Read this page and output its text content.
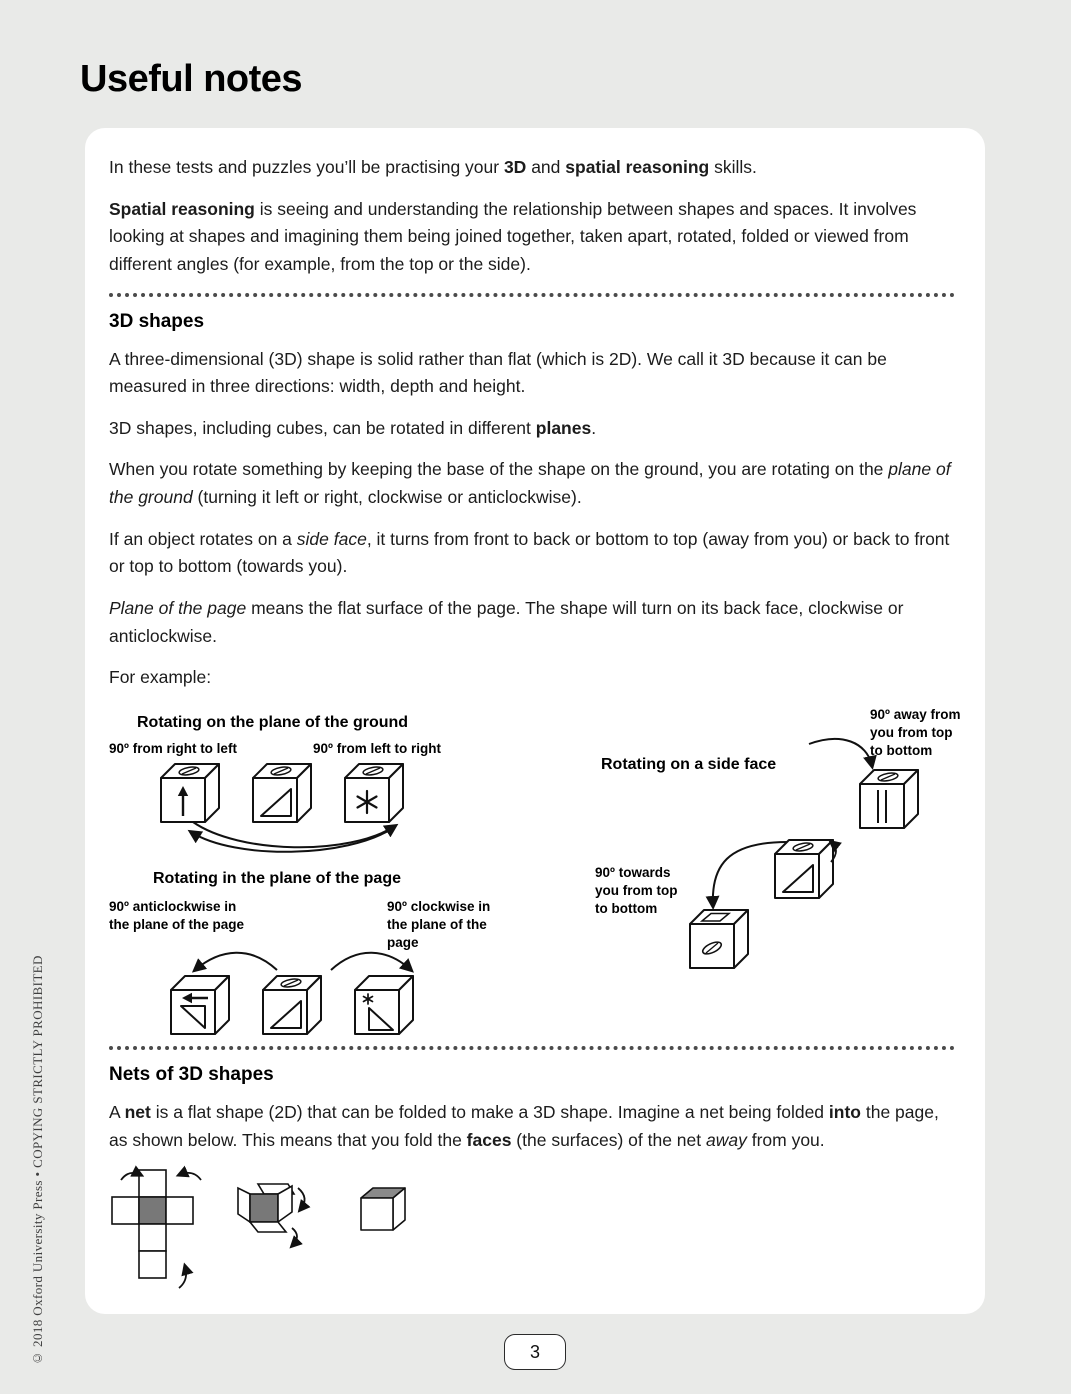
© 2018 Oxford University Press • COPYING STRICTLY PROHIBITED
Useful notes

In these tests and puzzles you’ll be practising your 3D and spatial reasoning skills.

Spatial reasoning is seeing and understanding the relationship between shapes and spaces. It involves looking at shapes and imagining them being joined together, taken apart, rotated, folded or viewed from different angles (for example, from the top or the side).

3D shapes

A three-dimensional (3D) shape is solid rather than flat (which is 2D). We call it 3D because it can be measured in three directions: width, depth and height.

3D shapes, including cubes, can be rotated in different planes.

When you rotate something by keeping the base of the shape on the ground, you are rotating on the plane of the ground (turning it left or right, clockwise or anticlockwise).

If an object rotates on a side face, it turns from front to back or bottom to top (away from you) or back to front or top to bottom (towards you).

Plane of the page means the flat surface of the page. The shape will turn on its back face, clockwise or anticlockwise.

For example:

Rotating on the plane of the ground
90º from right to left	90º from left to right
Rotating on a side face
90º away from you from top to bottom
90º towards you from top to bottom
Rotating in the plane of the page
90º anticlockwise in the plane of the page
90º clockwise in the plane of the page
Nets of 3D shapes

A net is a flat shape (2D) that can be folded to make a 3D shape. Imagine a net being folded into the page, as shown below. This means that you fold the faces (the surfaces) of the net away from you.

3
